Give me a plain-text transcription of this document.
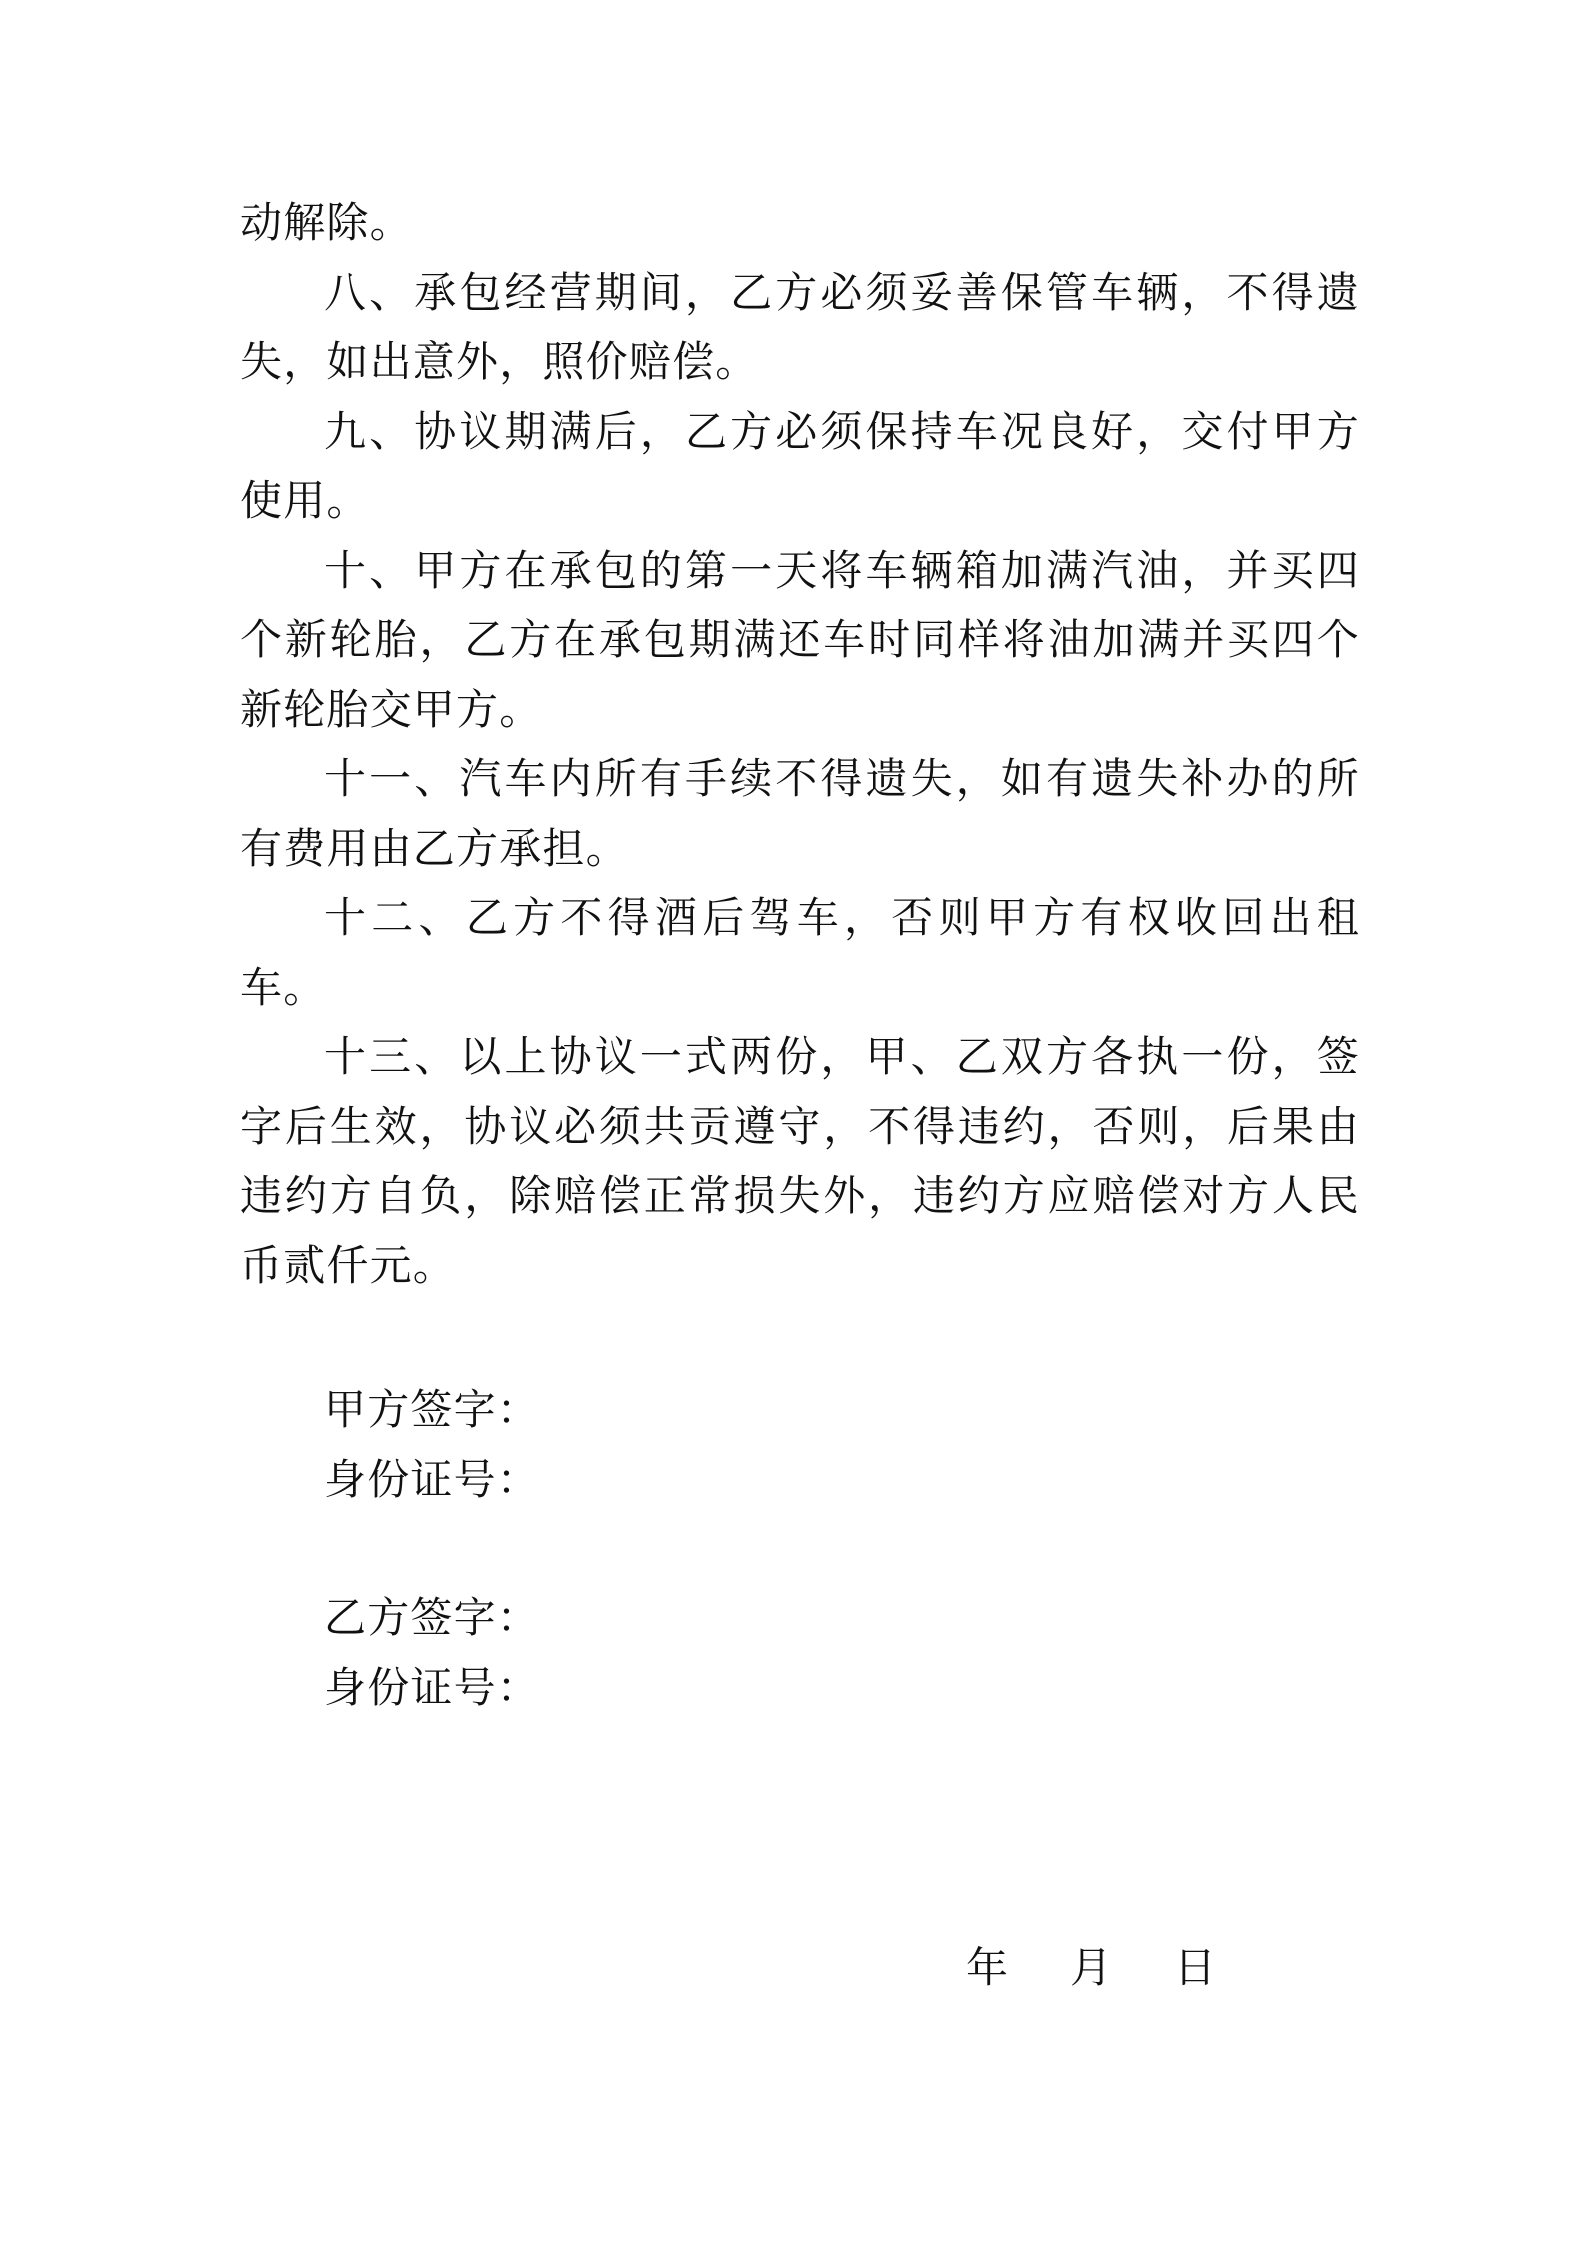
动解除。

八、承包经营期间，乙方必须妥善保管车辆，不得遗失，如出意外，照价赔偿。

九、协议期满后，乙方必须保持车况良好，交付甲方使用。

十、甲方在承包的第一天将车辆箱加满汽油，并买四个新轮胎，乙方在承包期满还车时同样将油加满并买四个新轮胎交甲方。

十一、汽车内所有手续不得遗失，如有遗失补办的所有费用由乙方承担。

十二、乙方不得酒后驾车，否则甲方有权收回出租车。

十三、以上协议一式两份，甲、乙双方各执一份，签字后生效，协议必须共贡遵守，不得违约，否则，后果由违约方自负，除赔偿正常损失外，违约方应赔偿对方人民币贰仟元。

甲方签字：
身份证号：
乙方签字：
身份证号：
年 月 日
